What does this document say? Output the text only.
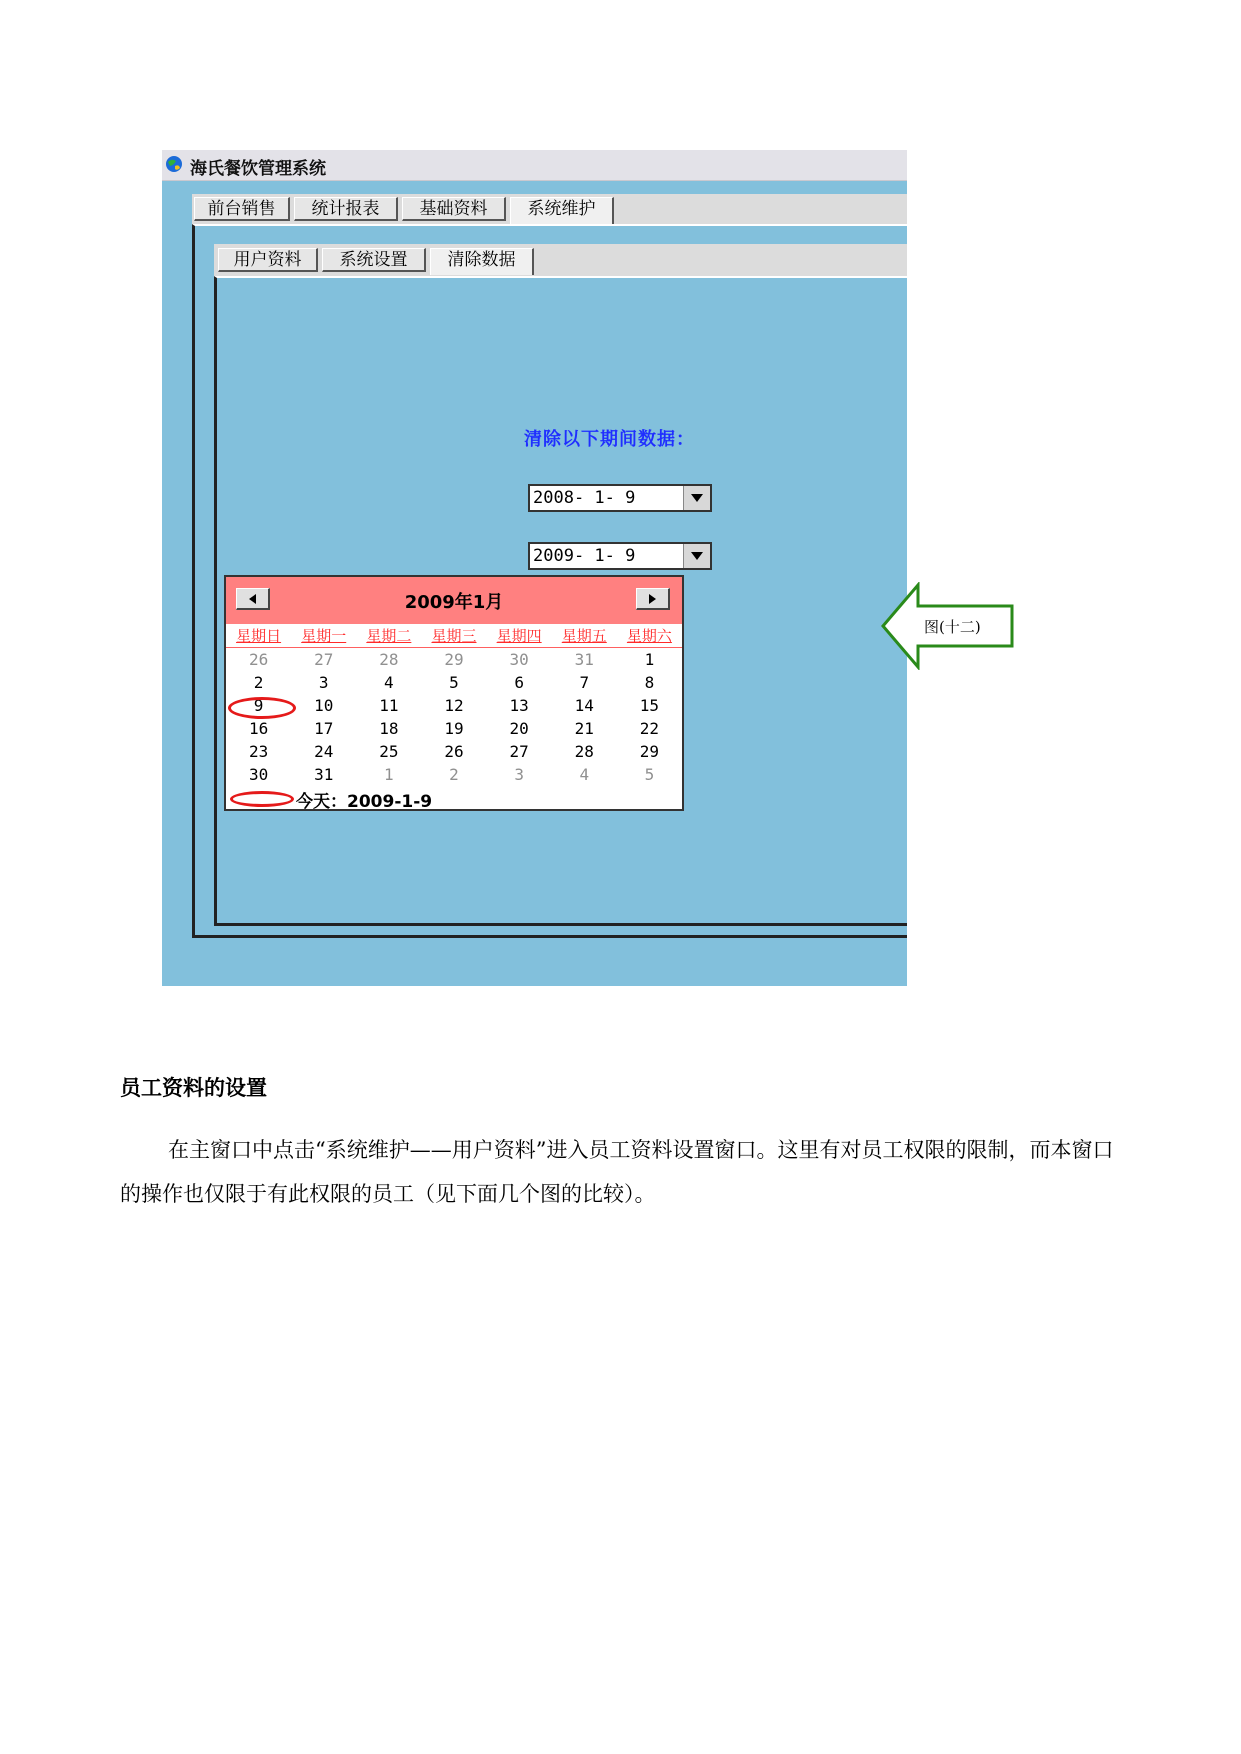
海氏餐饮管理系统
前台销售	统计报表	基础资料	系统维护
用户资料	系统设置	清除数据
清除以下期间数据：
2008- 1- 9
2009- 1- 9
2009年1月
星期日	星期一	星期二	星期三	星期四	星期五	星期六
26	27	28	29	30	31	1
2	3	4	5	6	7	8
9	10	11	12	13	14	15
16	17	18	19	20	21	22
23	24	25	26	27	28	29
30	31	1	2	3	4	5
今天：2009-1-9
图(十二)
员工资料的设置
在主窗口中点击“系统维护——用户资料”进入员工资料设置窗口。这里有对员工权限的限制，而本窗口的操作也仅限于有此权限的员工（见下面几个图的比较）。
